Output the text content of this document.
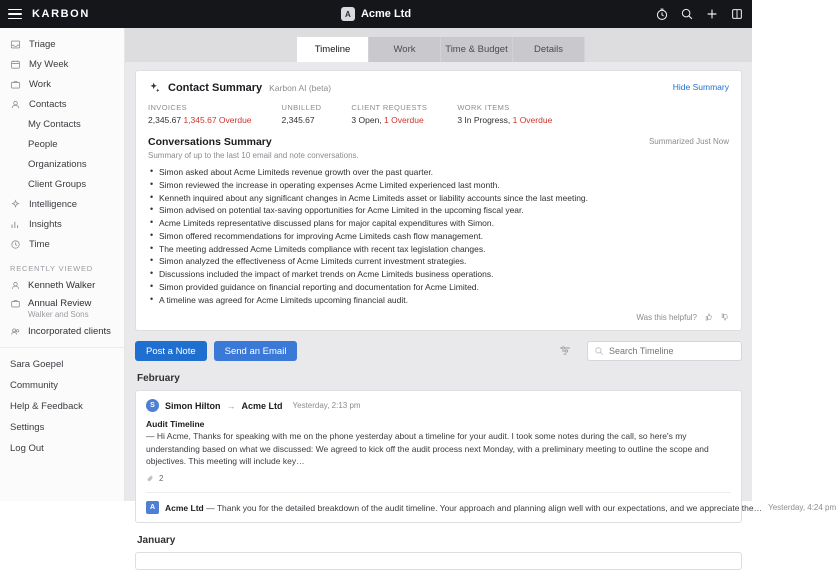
KARBON	A Acme Ltd
Triage
My Week
Work
Contacts
My Contacts
People
Organizations
Client Groups
Intelligence
Insights
Time
RECENTLY VIEWED
Kenneth Walker
Annual Review
Walker and Sons
Incorporated clients
Sara Goepel
Community
Help & Feedback
Settings
Log Out
Timeline	Work	Time & Budget	Details
Hide Summary
Contact Summary Karbon AI (beta)
INVOICES
2,345.67 1,345.67 Overdue
UNBILLED
2,345.67
CLIENT REQUESTS
3 Open, 1 Overdue
WORK ITEMS
3 In Progress, 1 Overdue
Conversations Summary	Summarized Just Now
Summary of up to the last 10 email and note conversations.
• Simon asked about Acme Limiteds revenue growth over the past quarter.
• Simon reviewed the increase in operating expenses Acme Limited experienced last month.
• Kenneth inquired about any significant changes in Acme Limiteds asset or liability accounts since the last meeting.
• Simon advised on potential tax-saving opportunities for Acme Limited in the upcoming fiscal year.
• Acme Limiteds representative discussed plans for major capital expenditures with Simon.
• Simon offered recommendations for improving Acme Limiteds cash flow management.
• The meeting addressed Acme Limiteds compliance with recent tax legislation changes.
• Simon analyzed the effectiveness of Acme Limiteds current investment strategies.
• Discussions included the impact of market trends on Acme Limiteds business operations.
• Simon provided guidance on financial reporting and documentation for Acme Limited.
• A timeline was agreed for Acme Limiteds upcoming financial audit.
Was this helpful?
Post a Note	Send an Email
Search Timeline
February
S	Simon Hilton → Acme Ltd Yesterday, 2:13 pm
Audit Timeline
— Hi Acme, Thanks for speaking with me on the phone yesterday about a timeline for your audit. I took some notes during the call, so here's my understanding based on what we discussed: We agreed to kick off the audit process next Monday, with a preliminary meeting to outline the scope and objectives. This meeting will include key…
2
A	Acme Ltd — Thank you for the detailed breakdown of the audit timeline. Your approach and planning align well with our expectations, and we appreciate the… Yesterday, 4:24 pm
January
